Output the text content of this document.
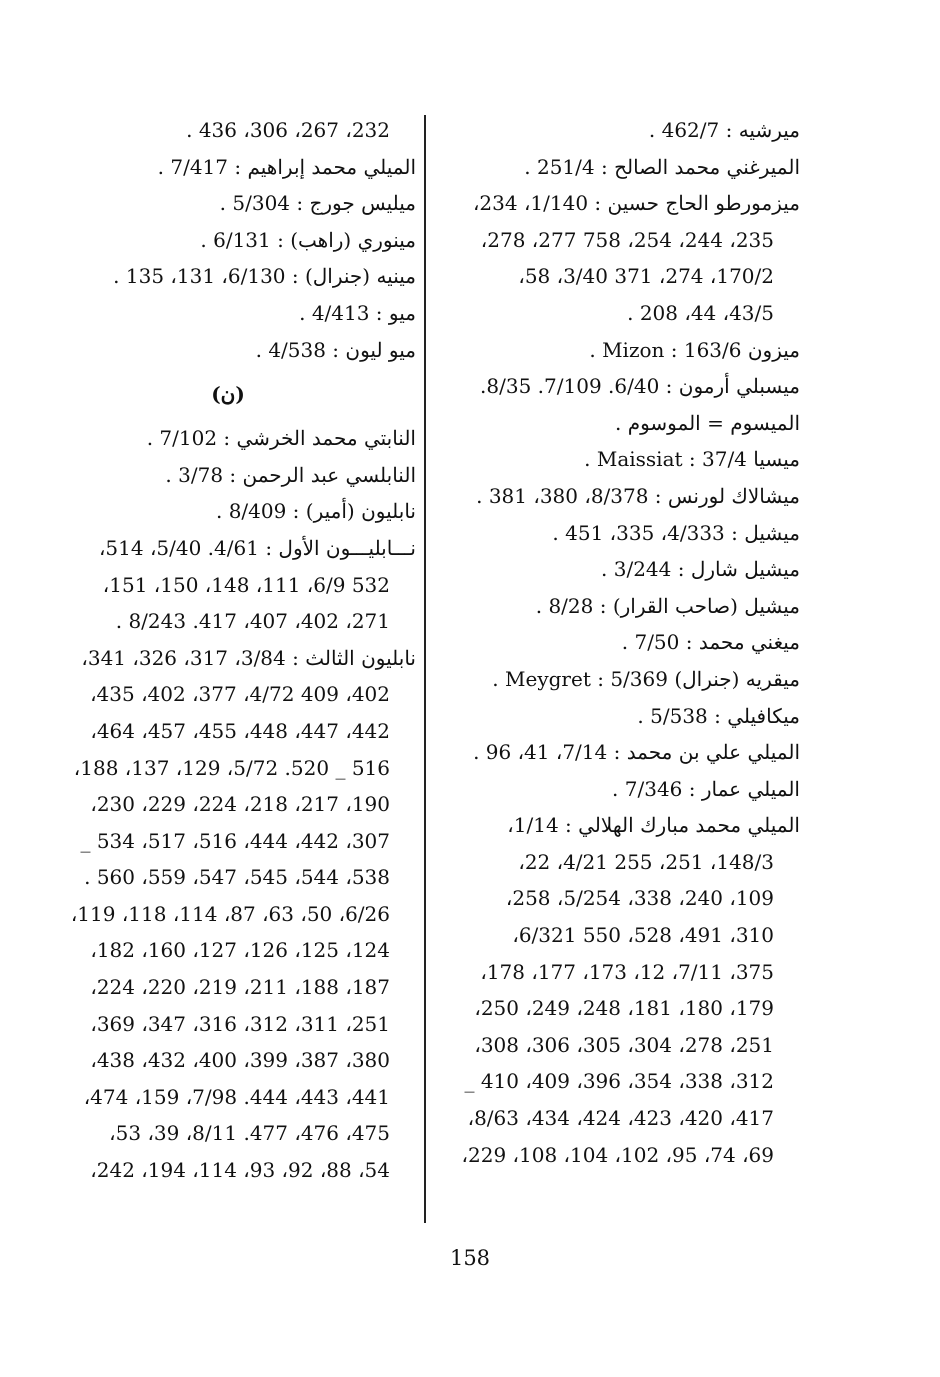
ميرشيه : 462/7 .
الميرغني محمد الصالح : 251/4 .
ميزمورطو الحاج حسين : 1/140، 234،
235، 244، 254، 758 277، 278،
170/2، 274، 371 3/40، 58،
43/5، 44، 208 .
ميزون Mizon : 163/6 .
ميسبلي أرمون : 6/40. 7/109. 8/35.
الميسوم = الموسوم .
ميسيا Maissiat : 37/4 .
ميشالاك لورنس : 8/378، 380، 381 .
ميشيل : 4/333، 335، 451 .
ميشيل شارل : 3/244 .
ميشيل (صاحب القرار) : 8/28 .
ميغني محمد : 7/50 .
ميقريه (جنرال) Meygret : 5/369 .
ميكافيلي : 5/538 .
الميلي علي بن محمد : 7/14، 41، 96 .
الميلي عمار : 7/346 .
الميلي محمد مبارك الهلالي : 1/14،
148/3، 251، 255 4/21، 22،
109، 240، 338، 5/254، 258،
310، 491، 528، 550 6/321،
375، 7/11، 12، 173، 177، 178،
179، 180، 181، 248، 249، 250،
251، 278، 304، 305، 306، 308،
312، 338، 354، 396، 409، 410 _
417، 420، 423، 424، 434، 8/63،
69، 74، 95، 102، 104، 108، 229،
232، 267، 306، 436 .
الميلي محمد إبراهيم : 7/417 .
ميليس جورج : 5/304 .
مينوري (راهب) : 6/131 .
مينيه (جنرال) : 6/130، 131، 135 .
ميو : 4/413 .
ميو ليون : 4/538 .
(ن)
النابتي محمد الخرشي : 7/102 .
النابلسي عبد الرحمن : 3/78 .
نابليون (أمير) : 8/409 .
نـــابليـــون الأول : 4/61. 5/40، 514،
532 6/9، 111، 148، 150، 151،
271، 402، 407، 417. 8/243 .
نابليون الثالث : 3/84، 317، 326، 341،
402، 409 4/72، 377، 402، 435،
442، 447، 448، 455، 457، 464،
516 _ 520. 5/72، 129، 137، 188،
190، 217، 218، 224، 229، 230،
307، 442، 444، 516، 517، 534 _
538، 544، 545، 547، 559، 560 .
6/26، 50، 63، 87، 114، 118، 119،
124، 125، 126، 127، 160، 182،
187، 188، 211، 219، 220، 224،
251، 311، 312، 316، 347، 369،
380، 387، 399، 400، 432، 438،
441، 443، 444. 7/98، 159، 474،
475، 476، 477. 8/11، 39، 53،
54، 88، 92، 93، 114، 194، 242،
158
